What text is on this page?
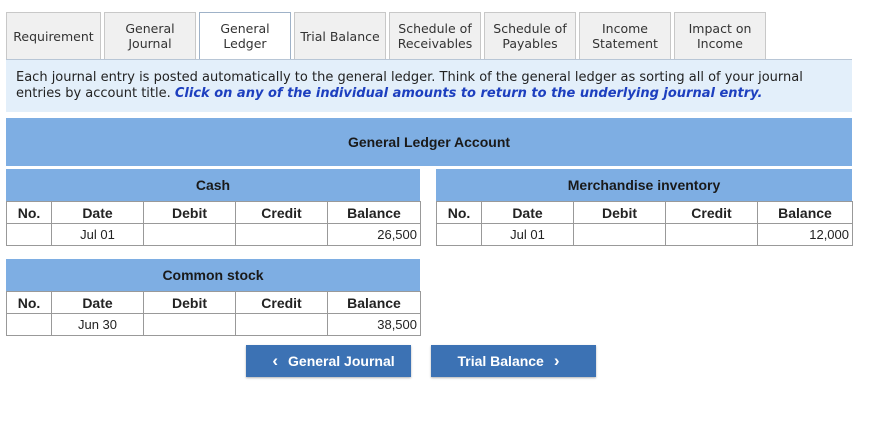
Requirement	General
Journal
General
Ledger	Trial Balance	Schedule of
Receivables
Schedule of
Payables
Income
Statement
Impact on
Income
Each journal entry is posted automatically to the general ledger. Think of the general ledger as sorting all of your journal entries by account title. Click on any of the individual amounts to return to the underlying journal entry.
General Ledger Account
Cash
No.	Date	Debit	Credit	Balance
	Jul 01			26,500
Merchandise inventory
No.	Date	Debit	Credit	Balance
	Jul 01			12,000
Common stock
No.	Date	Debit	Credit	Balance
	Jun 30			38,500
‹ General Journal	Trial Balance ›
